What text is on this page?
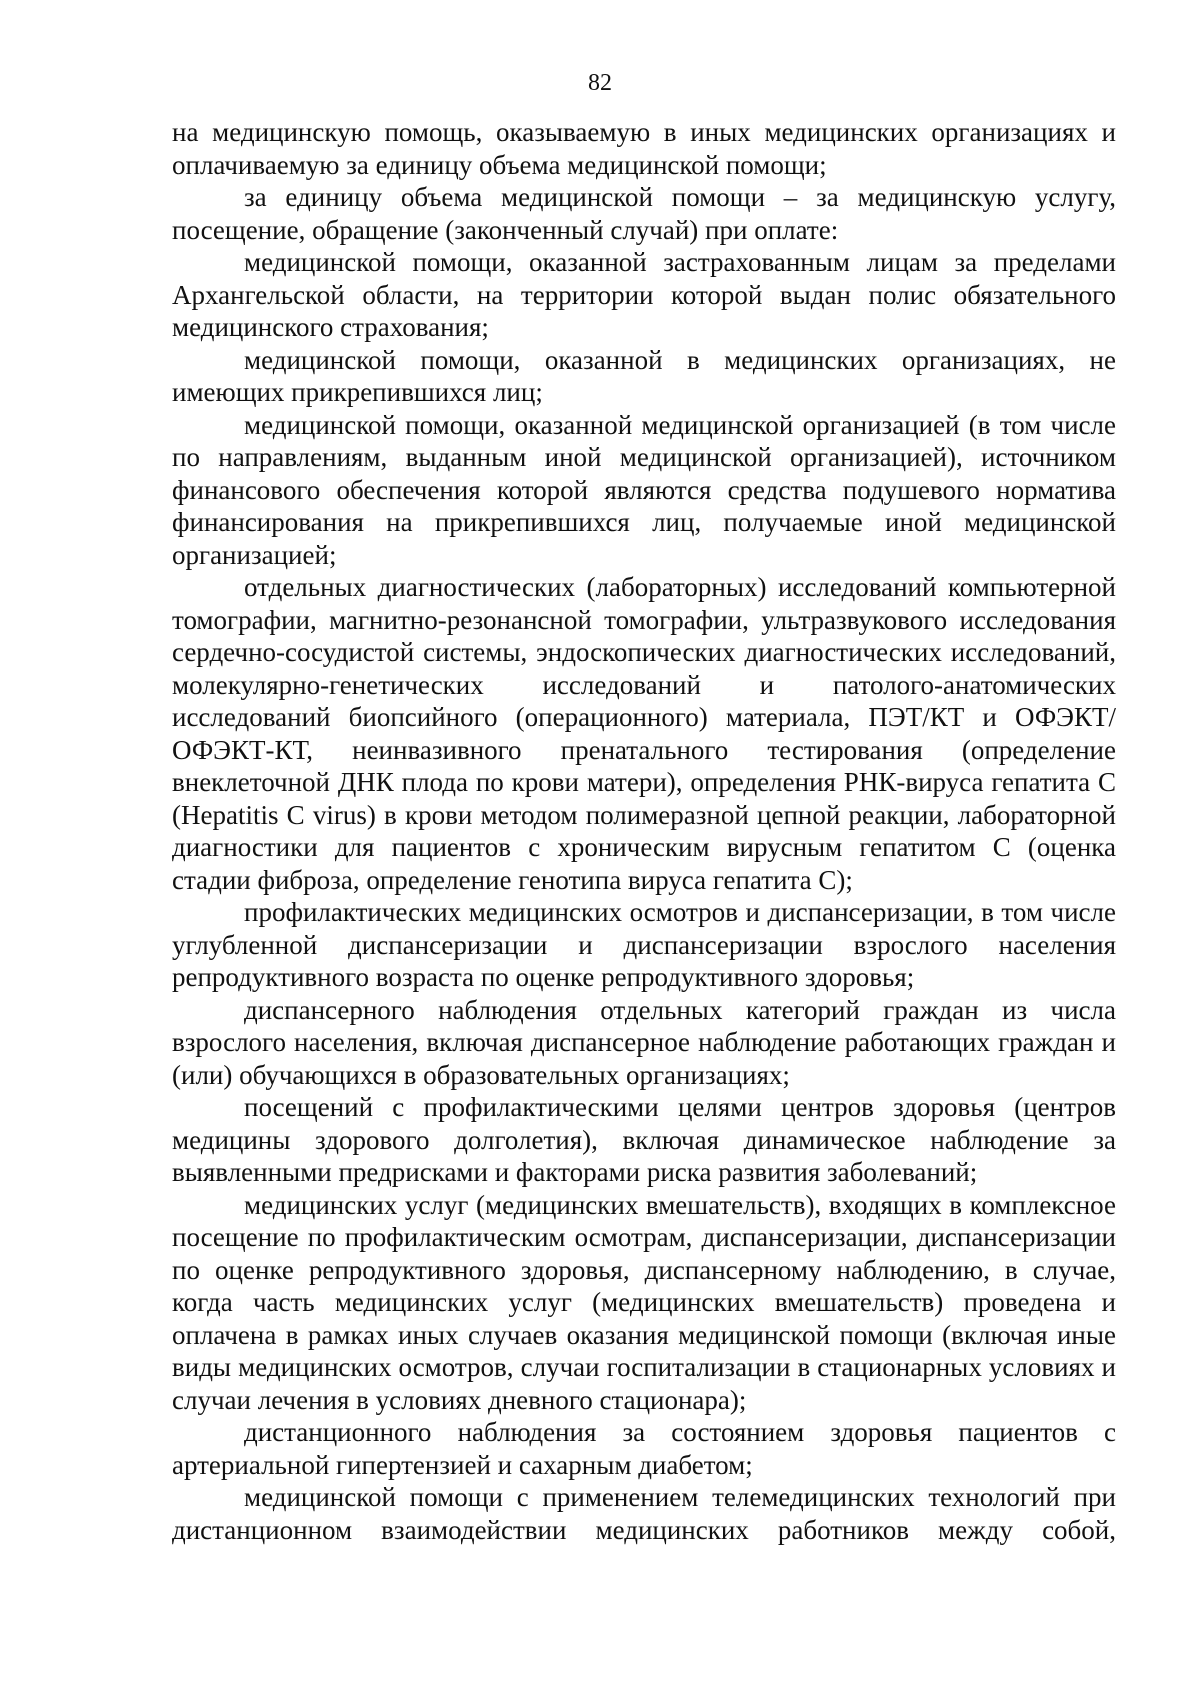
82

на медицинскую помощь, оказываемую в иных медицинских организациях и оплачиваемую за единицу объема медицинской помощи;

за единицу объема медицинской помощи – за медицинскую услугу, посещение, обращение (законченный случай) при оплате:

медицинской помощи, оказанной застрахованным лицам за пределами Архангельской области, на территории которой выдан полис обязательного медицинского страхования;

медицинской помощи, оказанной в медицинских организациях, не имеющих прикрепившихся лиц;

медицинской помощи, оказанной медицинской организацией (в том числе по направлениям, выданным иной медицинской организацией), источником финансового обеспечения которой являются средства подушевого норматива финансирования на прикрепившихся лиц, получаемые иной медицинской организацией;

отдельных диагностических (лабораторных) исследований компьютерной томографии, магнитно-резонансной томографии, ультразвукового исследования сердечно-сосудистой системы, эндоскопических диагностических исследований, молекулярно-генетических исследований и патолого-анатомических исследований биопсийного (операционного) материала, ПЭТ/КТ и ОФЭКТ/ОФЭКТ-КТ, неинвазивного пренатального тестирования (определение внеклеточной ДНК плода по крови матери), определения РНК-вируса гепатита С (Hepatitis C virus) в крови методом полимеразной цепной реакции, лабораторной диагностики для пациентов с хроническим вирусным гепатитом С (оценка стадии фиброза, определение генотипа вируса гепатита С);

профилактических медицинских осмотров и диспансеризации, в том числе углубленной диспансеризации и диспансеризации взрослого населения репродуктивного возраста по оценке репродуктивного здоровья;

диспансерного наблюдения отдельных категорий граждан из числа взрослого населения, включая диспансерное наблюдение работающих граждан и (или) обучающихся в образовательных организациях;

посещений с профилактическими целями центров здоровья (центров медицины здорового долголетия), включая динамическое наблюдение за выявленными предрисками и факторами риска развития заболеваний;

медицинских услуг (медицинских вмешательств), входящих в комплексное посещение по профилактическим осмотрам, диспансеризации, диспансеризации по оценке репродуктивного здоровья, диспансерному наблюдению, в случае, когда часть медицинских услуг (медицинских вмешательств) проведена и оплачена в рамках иных случаев оказания медицинской помощи (включая иные виды медицинских осмотров, случаи госпитализации в стационарных условиях и случаи лечения в условиях дневного стационара);

дистанционного наблюдения за состоянием здоровья пациентов с артериальной гипертензией и сахарным диабетом;

медицинской помощи с применением телемедицинских технологий при дистанционном взаимодействии медицинских работников между собой,
